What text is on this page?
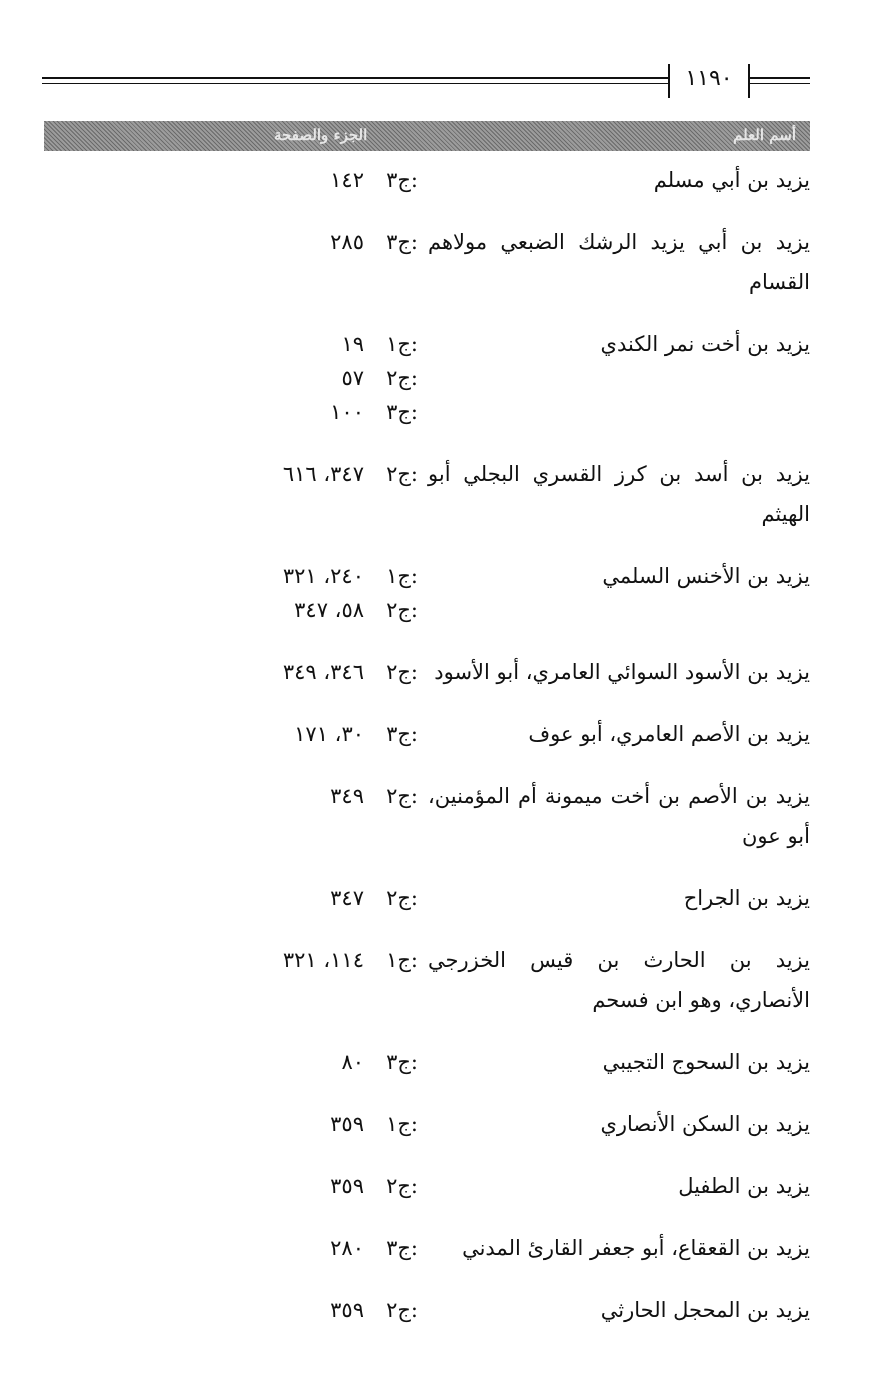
١١٩٠
أسم العلم
الجزء والصفحة
يزيد بن أبي مسلم
١٤٢ ج٣:
يزيد بن أبي يزيد الرشك الضبعي مولاهم القسام
٢٨٥ ج٣:
يزيد بن أخت نمر الكندي
١٩ ج١:
٥٧ ج٢:
١٠٠ ج٣:
يزيد بن أسد بن كرز القسري البجلي أبو الهيثم
٣٤٧، ٦١٦ ج٢:
يزيد بن الأخنس السلمي
٢٤٠، ٣٢١ ج١:
٥٨، ٣٤٧ ج٢:
يزيد بن الأسود السوائي العامري، أبو الأسود
٣٤٦، ٣٤٩ ج٢:
يزيد بن الأصم العامري، أبو عوف
٣٠، ١٧١ ج٣:
يزيد بن الأصم بن أخت ميمونة أم المؤمنين، أبو عون
٣٤٩ ج٢:
يزيد بن الجراح
٣٤٧ ج٢:
يزيد بن الحارث بن قيس الخزرجي الأنصاري، وهو ابن فسحم
١١٤، ٣٢١ ج١:
يزيد بن السحوج التجيبي
٨٠ ج٣:
يزيد بن السكن الأنصاري
٣٥٩ ج١:
يزيد بن الطفيل
٣٥٩ ج٢:
يزيد بن القعقاع، أبو جعفر القارئ المدني
٢٨٠ ج٣:
يزيد بن المحجل الحارثي
٣٥٩ ج٢:
